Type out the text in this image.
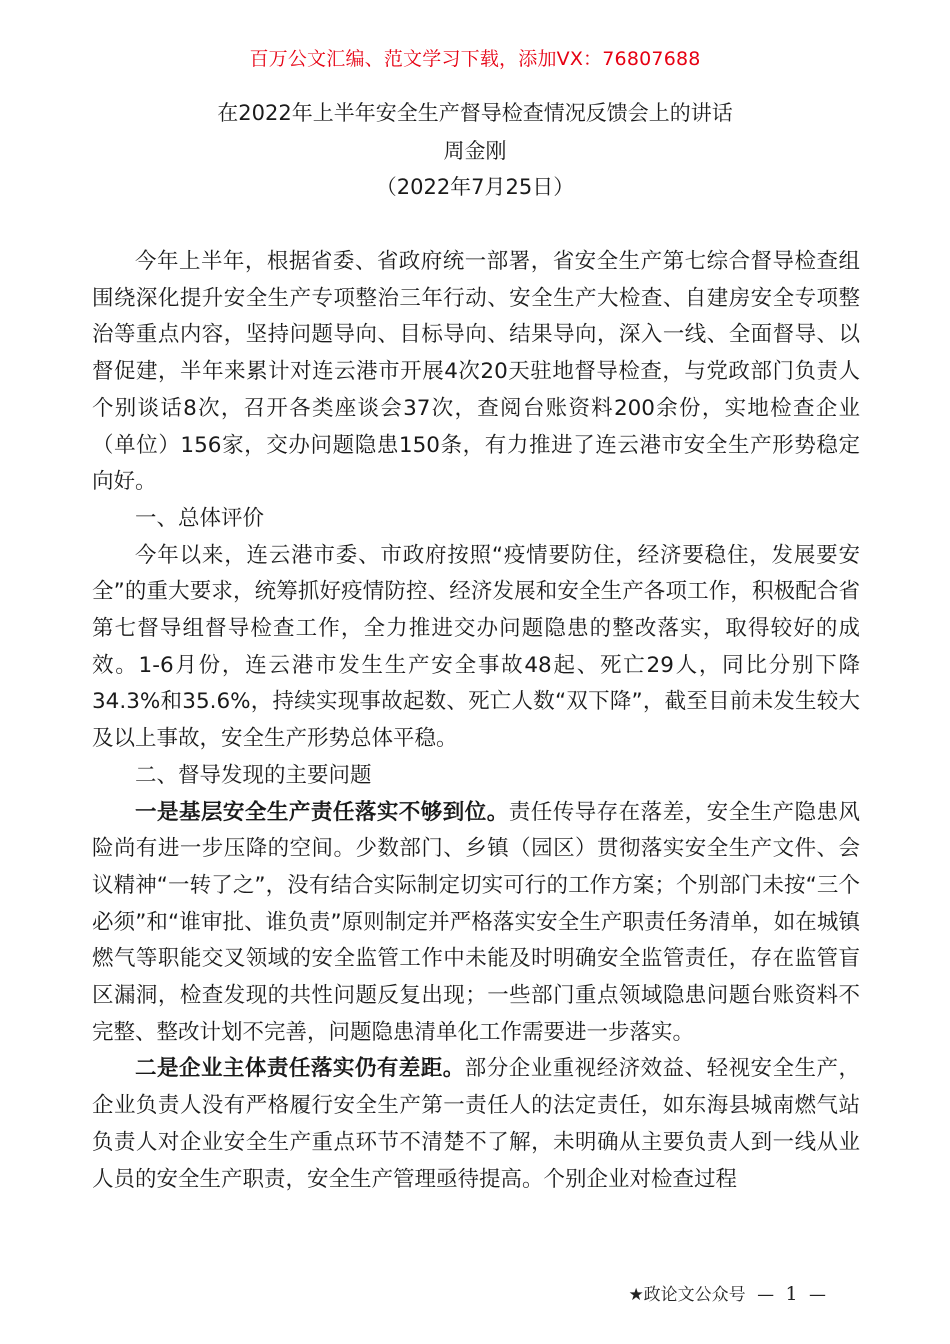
百万公文汇编、范文学习下载，添加VX：76807688
在2022年上半年安全生产督导检查情况反馈会上的讲话
周金刚
（2022年7月25日）

今年上半年，根据省委、省政府统一部署，省安全生产第七综合督导检查组围绕深化提升安全生产专项整治三年行动、安全生产大检查、自建房安全专项整治等重点内容，坚持问题导向、目标导向、结果导向，深入一线、全面督导、以督促建，半年来累计对连云港市开展4次20天驻地督导检查，与党政部门负责人个别谈话8次，召开各类座谈会37次，查阅台账资料200余份，实地检查企业（单位）156家，交办问题隐患150条，有力推进了连云港市安全生产形势稳定向好。

一、总体评价

今年以来，连云港市委、市政府按照“疫情要防住，经济要稳住，发展要安全”的重大要求，统筹抓好疫情防控、经济发展和安全生产各项工作，积极配合省第七督导组督导检查工作，全力推进交办问题隐患的整改落实，取得较好的成效。1-6月份，连云港市发生生产安全事故48起、死亡29人，同比分别下降34.3%和35.6%，持续实现事故起数、死亡人数“双下降”，截至目前未发生较大及以上事故，安全生产形势总体平稳。

二、督导发现的主要问题

一是基层安全生产责任落实不够到位。责任传导存在落差，安全生产隐患风险尚有进一步压降的空间。少数部门、乡镇（园区）贯彻落实安全生产文件、会议精神“一转了之”，没有结合实际制定切实可行的工作方案；个别部门未按“三个必须”和“谁审批、谁负责”原则制定并严格落实安全生产职责任务清单，如在城镇燃气等职能交叉领域的安全监管工作中未能及时明确安全监管责任，存在监管盲区漏洞，检查发现的共性问题反复出现；一些部门重点领域隐患问题台账资料不完整、整改计划不完善，问题隐患清单化工作需要进一步落实。

二是企业主体责任落实仍有差距。部分企业重视经济效益、轻视安全生产，企业负责人没有严格履行安全生产第一责任人的法定责任，如东海县城南燃气站负责人对企业安全生产重点环节不清楚不了解，未明确从主要负责人到一线从业人员的安全生产职责，安全生产管理亟待提高。个别企业对检查过程

★政论文公众号 — 1 —
